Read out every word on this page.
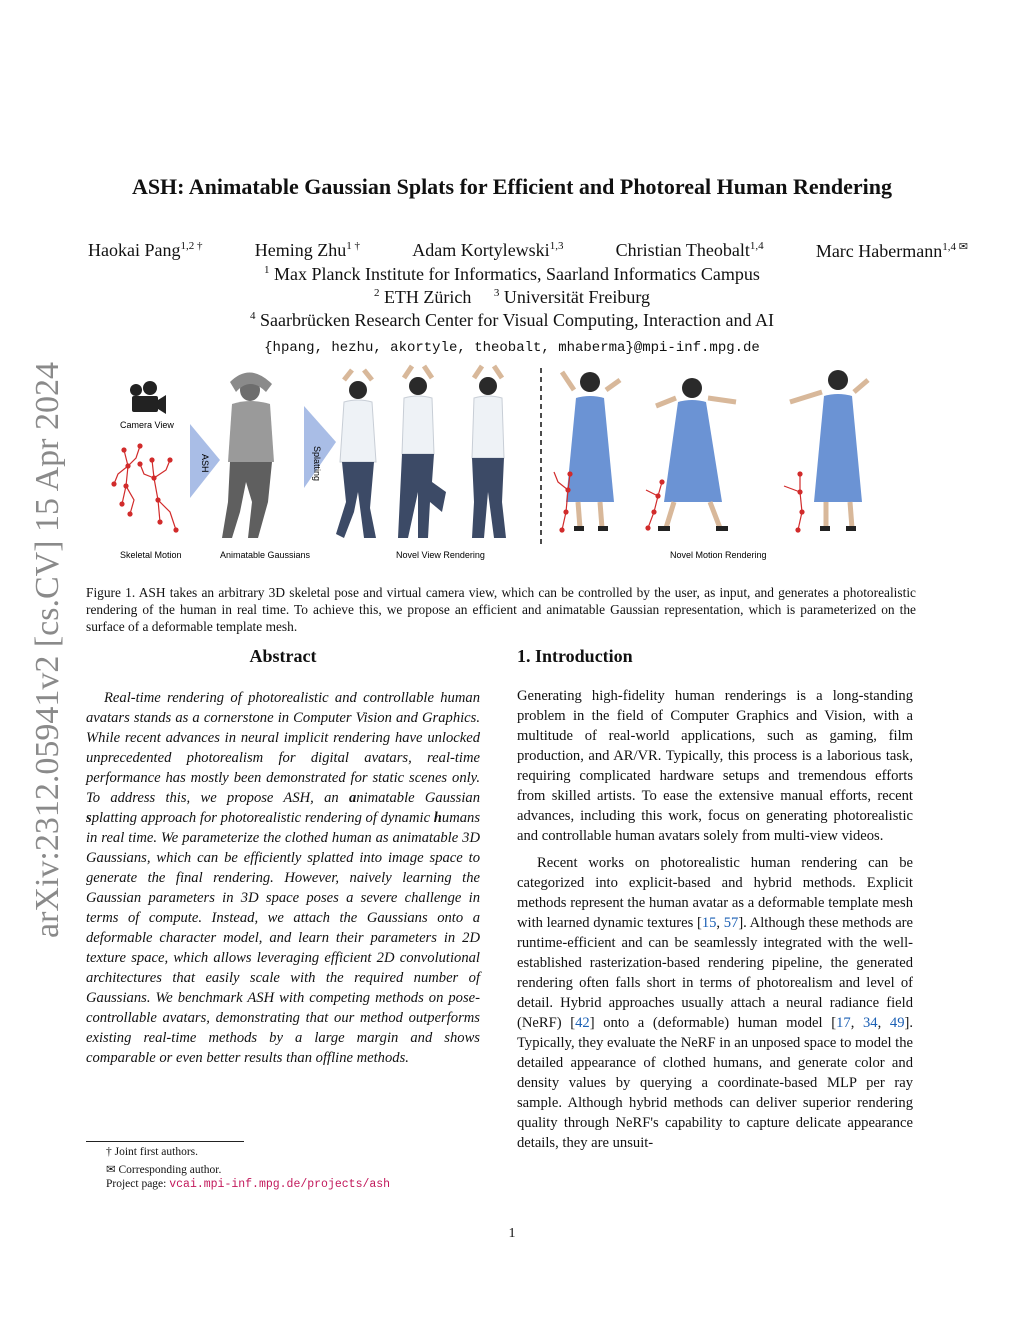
arXiv:2312.05941v2 [cs.CV] 15 Apr 2024
ASH: Animatable Gaussian Splats for Efficient and Photoreal Human Rendering
Haokai Pang$^{1,2 \dagger}$	Heming Zhu$^{1 \dagger}$	Adam Kortylewski$^{1,3}$	Christian Theobalt$^{1,4}$	Marc Habermann$^{1,4 ✉}$
$^1$ Max Planck Institute for Informatics, Saarland Informatics Campus
$^2$ ETH Zürich $^3$ Universität Freiburg
$^4$ Saarbrücken Research Center for Visual Computing, Interaction and AI
{hpang, hezhu, akortyle, theobalt, mhaberma}@mpi-inf.mpg.de
Camera View
Skeletal Motion
ASH
Animatable Gaussians
Splatting
Novel View Rendering	Novel Motion Rendering
Figure 1. ASH takes an arbitrary 3D skeletal pose and virtual camera view, which can be controlled by the user, as input, and generates a photorealistic rendering of the human in real time. To achieve this, we propose an efficient and animatable Gaussian representation, which is parameterized on the surface of a deformable template mesh.
Abstract
Real-time rendering of photorealistic and controllable human avatars stands as a cornerstone in Computer Vision and Graphics. While recent advances in neural implicit rendering have unlocked unprecedented photorealism for digital avatars, real-time performance has mostly been demonstrated for static scenes only. To address this, we propose ASH, an animatable Gaussian splatting approach for photorealistic rendering of dynamic humans in real time. We parameterize the clothed human as animatable 3D Gaussians, which can be efficiently splatted into image space to generate the final rendering. However, naively learning the Gaussian parameters in 3D space poses a severe challenge in terms of compute. Instead, we attach the Gaussians onto a deformable character model, and learn their parameters in 2D texture space, which allows leveraging efficient 2D convolutional architectures that easily scale with the required number of Gaussians. We benchmark ASH with competing methods on pose-controllable avatars, demonstrating that our method outperforms existing real-time methods by a large margin and shows comparable or even better results than offline methods.
1. Introduction

Generating high-fidelity human renderings is a long-standing problem in the field of Computer Graphics and Vision, with a multitude of real-world applications, such as gaming, film production, and AR/VR. Typically, this process is a laborious task, requiring complicated hardware setups and tremendous efforts from skilled artists. To ease the extensive manual efforts, recent advances, including this work, focus on generating photorealistic and controllable human avatars solely from multi-view videos.

Recent works on photorealistic human rendering can be categorized into explicit-based and hybrid methods. Explicit methods represent the human avatar as a deformable template mesh with learned dynamic textures [15, 57]. Although these methods are runtime-efficient and can be seamlessly integrated with the well-established rasterization-based rendering pipeline, the generated rendering often falls short in terms of photorealism and level of detail. Hybrid approaches usually attach a neural radiance field (NeRF) [42] onto a (deformable) human model [17, 34, 49]. Typically, they evaluate the NeRF in an unposed space to model the detailed appearance of clothed humans, and generate color and density values by querying a coordinate-based MLP per ray sample. Although hybrid methods can deliver superior rendering quality through NeRF's capability to capture delicate appearance details, they are unsuit-

† Joint first authors.
✉ Corresponding author.
Project page: vcai.mpi-inf.mpg.de/projects/ash
1
